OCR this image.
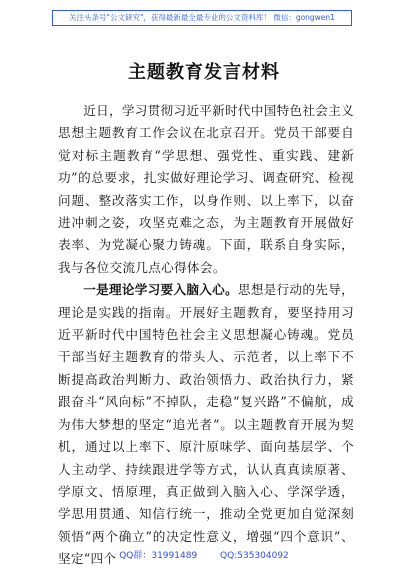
关注头条号"公文研究"，获得最新最全最专业的公文资料库！ 微信：gongwen1
主题教育发言材料

近日，学习贯彻习近平新时代中国特色社会主义思想主题教育工作会议在北京召开。党员干部要自觉对标主题教育“学思想、强党性、重实践、建新功”的总要求，扎实做好理论学习、调查研究、检视问题、整改落实工作，以身作则、以上率下，以奋进冲刺之姿，攻坚克难之态，为主题教育开展做好表率、为党凝心聚力铸魂。下面，联系自身实际，我与各位交流几点心得体会。

一是理论学习要入脑入心。思想是行动的先导，理论是实践的指南。开展好主题教育，要坚持用习近平新时代中国特色社会主义思想凝心铸魂。党员干部当好主题教育的带头人、示范者，以上率下不断提高政治判断力、政治领悟力、政治执行力，紧跟奋斗“风向标”不掉队，走稳“复兴路”不偏航，成为伟大梦想的坚定“追光者”。以主题教育开展为契机，通过以上率下、原汁原味学、面向基层学、个人主动学、持续跟进学等方式，认认真真读原著、学原文、悟原理，真正做到入脑入心、学深学透，学思用贯通、知信行统一，推动全党更加自觉深刻领悟“两个确立”的决定性意义，增强“四个意识”、坚定“四个 QQ群：31991489	QQ:535304092
